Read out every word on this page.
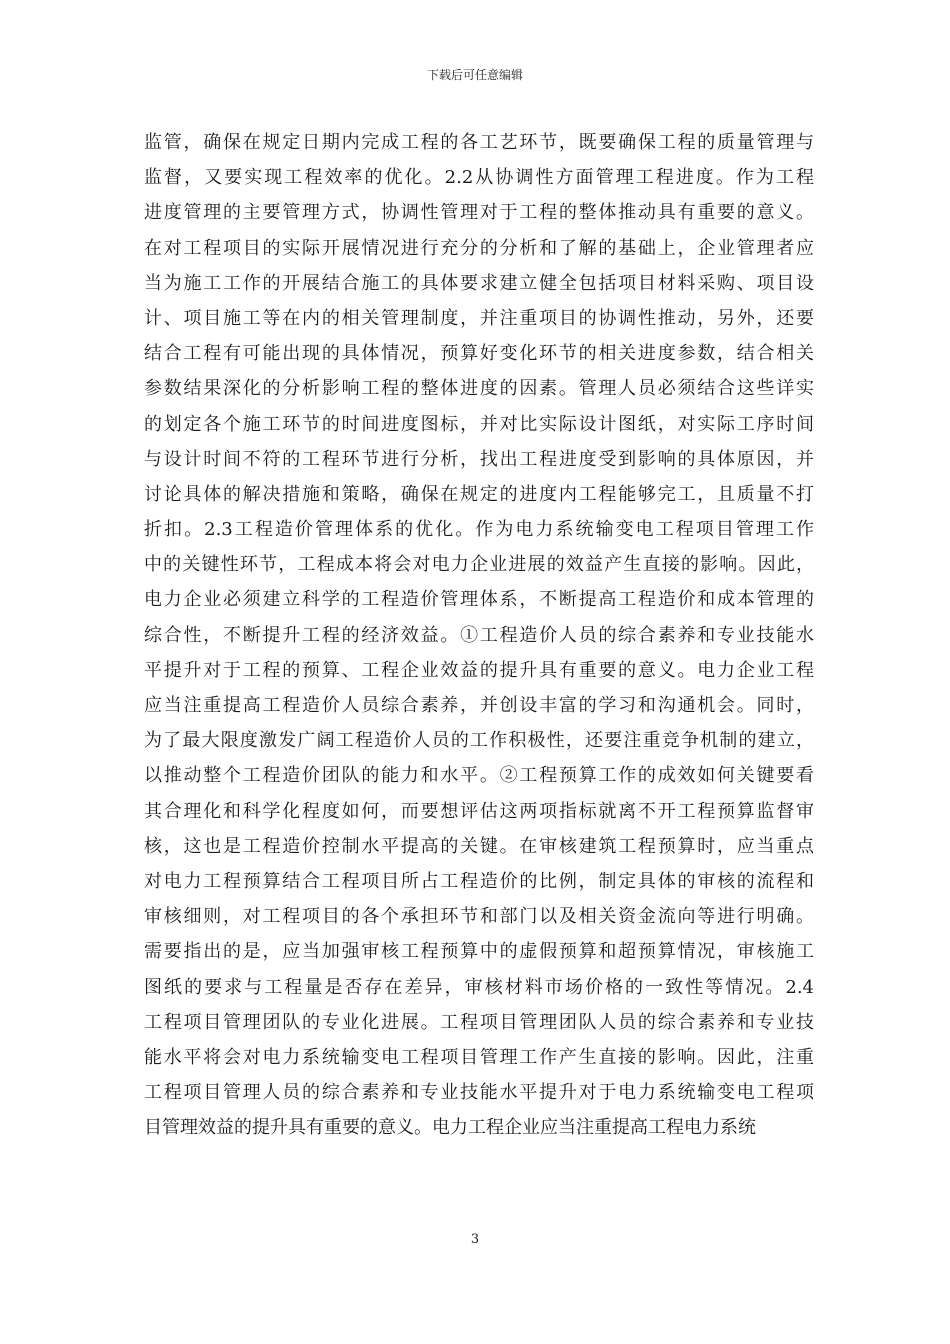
下载后可任意编辑
监管，确保在规定日期内完成工程的各工艺环节，既要确保工程的质量管理与
监督，又要实现工程效率的优化。2.2从协调性方面管理工程进度。作为工程
进度管理的主要管理方式，协调性管理对于工程的整体推动具有重要的意义。
在对工程项目的实际开展情况进行充分的分析和了解的基础上，企业管理者应
当为施工工作的开展结合施工的具体要求建立健全包括项目材料采购、项目设
计、项目施工等在内的相关管理制度，并注重项目的协调性推动，另外，还要
结合工程有可能出现的具体情况，预算好变化环节的相关进度参数，结合相关
参数结果深化的分析影响工程的整体进度的因素。管理人员必须结合这些详实
的划定各个施工环节的时间进度图标，并对比实际设计图纸，对实际工序时间
与设计时间不符的工程环节进行分析，找出工程进度受到影响的具体原因，并
讨论具体的解决措施和策略，确保在规定的进度内工程能够完工，且质量不打
折扣。2.3工程造价管理体系的优化。作为电力系统输变电工程项目管理工作
中的关键性环节，工程成本将会对电力企业进展的效益产生直接的影响。因此，
电力企业必须建立科学的工程造价管理体系，不断提高工程造价和成本管理的
综合性，不断提升工程的经济效益。①工程造价人员的综合素养和专业技能水
平提升对于工程的预算、工程企业效益的提升具有重要的意义。电力企业工程
应当注重提高工程造价人员综合素养，并创设丰富的学习和沟通机会。同时，
为了最大限度激发广阔工程造价人员的工作积极性，还要注重竞争机制的建立，
以推动整个工程造价团队的能力和水平。②工程预算工作的成效如何关键要看
其合理化和科学化程度如何，而要想评估这两项指标就离不开工程预算监督审
核，这也是工程造价控制水平提高的关键。在审核建筑工程预算时，应当重点
对电力工程预算结合工程项目所占工程造价的比例，制定具体的审核的流程和
审核细则，对工程项目的各个承担环节和部门以及相关资金流向等进行明确。
需要指出的是，应当加强审核工程预算中的虚假预算和超预算情况，审核施工
图纸的要求与工程量是否存在差异，审核材料市场价格的一致性等情况。2.4
工程项目管理团队的专业化进展。工程项目管理团队人员的综合素养和专业技
能水平将会对电力系统输变电工程项目管理工作产生直接的影响。因此，注重
工程项目管理人员的综合素养和专业技能水平提升对于电力系统输变电工程项
目管理效益的提升具有重要的意义。电力工程企业应当注重提高工程电力系统
3
